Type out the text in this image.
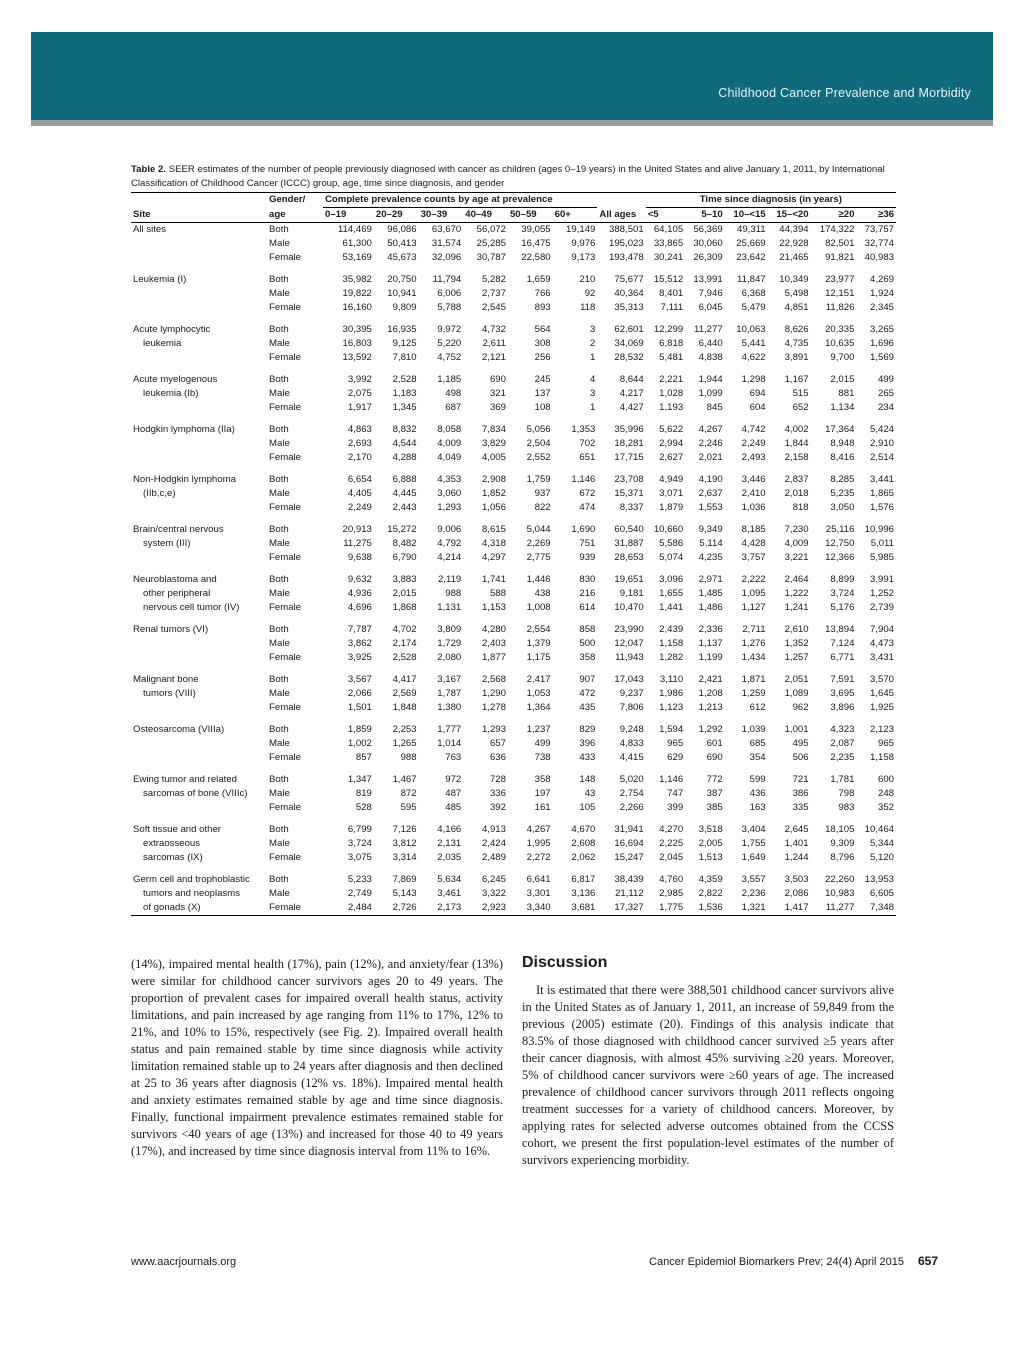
Childhood Cancer Prevalence and Morbidity
Table 2. SEER estimates of the number of people previously diagnosed with cancer as children (ages 0–19 years) in the United States and alive January 1, 2011, by International Classification of Childhood Cancer (ICCC) group, age, time since diagnosis, and gender
	Gender/	Complete prevalence counts by age at prevalence							Time since diagnosis (in years)					
Site	age	0–19	20–29	30–39	40–49	50–59	60+	All ages	<5	5–10	10–<15	15–<20	≥20	≥36
All sites	Both	114,469	96,086	63,670	56,072	39,055	19,149	388,501	64,105	56,369	49,311	44,394	174,322	73,757
	Male	61,300	50,413	31,574	25,285	16,475	9,976	195,023	33,865	30,060	25,669	22,928	82,501	32,774
	Female	53,169	45,673	32,096	30,787	22,580	9,173	193,478	30,241	26,309	23,642	21,465	91,821	40,983

Leukemia (I)	Both	35,982	20,750	11,794	5,282	1,659	210	75,677	15,512	13,991	11,847	10,349	23,977	4,269
	Male	19,822	10,941	6,006	2,737	766	92	40,364	8,401	7,946	6,368	5,498	12,151	1,924
	Female	16,160	9,809	5,788	2,545	893	118	35,313	7,111	6,045	5,479	4,851	11,826	2,345

Acute lymphocytic	Both	30,395	16,935	9,972	4,732	564	3	62,601	12,299	11,277	10,063	8,626	20,335	3,265
leukemia	Male	16,803	9,125	5,220	2,611	308	2	34,069	6,818	6,440	5,441	4,735	10,635	1,696
	Female	13,592	7,810	4,752	2,121	256	1	28,532	5,481	4,838	4,622	3,891	9,700	1,569

Acute myelogenous	Both	3,992	2,528	1,185	690	245	4	8,644	2,221	1,944	1,298	1,167	2,015	499
leukemia (Ib)	Male	2,075	1,183	498	321	137	3	4,217	1,028	1,099	694	515	881	265
	Female	1,917	1,345	687	369	108	1	4,427	1,193	845	604	652	1,134	234

Hodgkin lymphoma (IIa)	Both	4,863	8,832	8,058	7,834	5,056	1,353	35,996	5,622	4,267	4,742	4,002	17,364	5,424
	Male	2,693	4,544	4,009	3,829	2,504	702	18,281	2,994	2,246	2,249	1,844	8,948	2,910
	Female	2,170	4,288	4,049	4,005	2,552	651	17,715	2,627	2,021	2,493	2,158	8,416	2,514

Non-Hodgkin lymphoma	Both	6,654	6,888	4,353	2,908	1,759	1,146	23,708	4,949	4,190	3,446	2,837	8,285	3,441
(IIb,c,e)	Male	4,405	4,445	3,060	1,852	937	672	15,371	3,071	2,637	2,410	2,018	5,235	1,865
	Female	2,249	2,443	1,293	1,056	822	474	8,337	1,879	1,553	1,036	818	3,050	1,576

Brain/central nervous	Both	20,913	15,272	9,006	8,615	5,044	1,690	60,540	10,660	9,349	8,185	7,230	25,116	10,996
system (III)	Male	11,275	8,482	4,792	4,318	2,269	751	31,887	5,586	5,114	4,428	4,009	12,750	5,011
	Female	9,638	6,790	4,214	4,297	2,775	939	28,653	5,074	4,235	3,757	3,221	12,366	5,985

Neuroblastoma and	Both	9,632	3,883	2,119	1,741	1,446	830	19,651	3,096	2,971	2,222	2,464	8,899	3,991
other peripheral	Male	4,936	2,015	988	588	438	216	9,181	1,655	1,485	1,095	1,222	3,724	1,252
nervous cell tumor (IV)	Female	4,696	1,868	1,131	1,153	1,008	614	10,470	1,441	1,486	1,127	1,241	5,176	2,739

Renal tumors (VI)	Both	7,787	4,702	3,809	4,280	2,554	858	23,990	2,439	2,336	2,711	2,610	13,894	7,904
	Male	3,862	2,174	1,729	2,403	1,379	500	12,047	1,158	1,137	1,276	1,352	7,124	4,473
	Female	3,925	2,528	2,080	1,877	1,175	358	11,943	1,282	1,199	1,434	1,257	6,771	3,431

Malignant bone	Both	3,567	4,417	3,167	2,568	2,417	907	17,043	3,110	2,421	1,871	2,051	7,591	3,570
tumors (VIII)	Male	2,066	2,569	1,787	1,290	1,053	472	9,237	1,986	1,208	1,259	1,089	3,695	1,645
	Female	1,501	1,848	1,380	1,278	1,364	435	7,806	1,123	1,213	612	962	3,896	1,925

Osteosarcoma (VIIIa)	Both	1,859	2,253	1,777	1,293	1,237	829	9,248	1,594	1,292	1,039	1,001	4,323	2,123
	Male	1,002	1,265	1,014	657	499	396	4,833	965	601	685	495	2,087	965
	Female	857	988	763	636	738	433	4,415	629	690	354	506	2,235	1,158

Ewing tumor and related	Both	1,347	1,467	972	728	358	148	5,020	1,146	772	599	721	1,781	600
sarcomas of bone (VIIIc)	Male	819	872	487	336	197	43	2,754	747	387	436	386	798	248
	Female	528	595	485	392	161	105	2,266	399	385	163	335	983	352

Soft tissue and other	Both	6,799	7,126	4,166	4,913	4,267	4,670	31,941	4,270	3,518	3,404	2,645	18,105	10,464
extraosseous	Male	3,724	3,812	2,131	2,424	1,995	2,608	16,694	2,225	2,005	1,755	1,401	9,309	5,344
sarcomas (IX)	Female	3,075	3,314	2,035	2,489	2,272	2,062	15,247	2,045	1,513	1,649	1,244	8,796	5,120

Germ cell and trophoblastic	Both	5,233	7,869	5,634	6,245	6,641	6,817	38,439	4,760	4,359	3,557	3,503	22,260	13,953
tumors and neoplasms	Male	2,749	5,143	3,461	3,322	3,301	3,136	21,112	2,985	2,822	2,236	2,086	10,983	6,605
of gonads (X)	Female	2,484	2,726	2,173	2,923	3,340	3,681	17,327	1,775	1,536	1,321	1,417	11,277	7,348
(14%), impaired mental health (17%), pain (12%), and anxiety/fear (13%) were similar for childhood cancer survivors ages 20 to 49 years. The proportion of prevalent cases for impaired overall health status, activity limitations, and pain increased by age ranging from 11% to 17%, 12% to 21%, and 10% to 15%, respectively (see Fig. 2). Impaired overall health status and pain remained stable by time since diagnosis while activity limitation remained stable up to 24 years after diagnosis and then declined at 25 to 36 years after diagnosis (12% vs. 18%). Impaired mental health and anxiety estimates remained stable by age and time since diagnosis. Finally, functional impairment prevalence estimates remained stable for survivors <40 years of age (13%) and increased for those 40 to 49 years (17%), and increased by time since diagnosis interval from 11% to 16%.
Discussion
It is estimated that there were 388,501 childhood cancer survivors alive in the United States as of January 1, 2011, an increase of 59,849 from the previous (2005) estimate (20). Findings of this analysis indicate that 83.5% of those diagnosed with childhood cancer survived ≥5 years after their cancer diagnosis, with almost 45% surviving ≥20 years. Moreover, 5% of childhood cancer survivors were ≥60 years of age. The increased prevalence of childhood cancer survivors through 2011 reflects ongoing treatment successes for a variety of childhood cancers. Moreover, by applying rates for selected adverse outcomes obtained from the CCSS cohort, we present the first population-level estimates of the number of survivors experiencing morbidity.
www.aacrjournals.org	Cancer Epidemiol Biomarkers Prev; 24(4) April 2015 657
